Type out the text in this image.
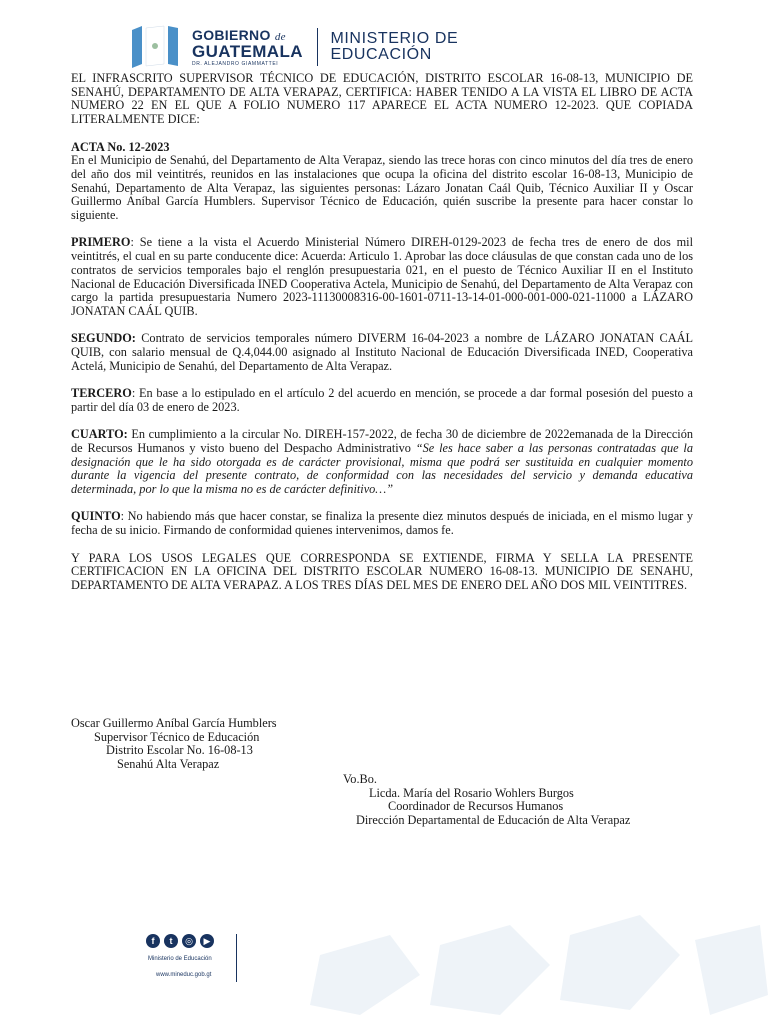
GOBIERNO de
GUATEMALA
DR. ALEJANDRO GIAMMATTEI
MINISTERIO DE
EDUCACIÓN

EL INFRASCRITO SUPERVISOR TÉCNICO DE EDUCACIÓN, DISTRITO ESCOLAR 16-08-13, MUNICIPIO DE SENAHÚ, DEPARTAMENTO DE ALTA VERAPAZ, CERTIFICA: HABER TENIDO A LA VISTA EL LIBRO DE ACTA NUMERO 22 EN EL QUE A FOLIO NUMERO 117 APARECE EL ACTA NUMERO 12-2023. QUE COPIADA LITERALMENTE DICE:

ACTA No. 12-2023

En el Municipio de Senahú, del Departamento de Alta Verapaz, siendo las trece horas con cinco minutos del día tres de enero del año dos mil veintitrés, reunidos en las instalaciones que ocupa la oficina del distrito escolar 16-08-13, Municipio de Senahú, Departamento de Alta Verapaz, las siguientes personas: Lázaro Jonatan Caál Quib, Técnico Auxiliar II y Oscar Guillermo Aníbal García Humblers. Supervisor Técnico de Educación, quién suscribe la presente para hacer constar lo siguiente.

PRIMERO: Se tiene a la vista el Acuerdo Ministerial Número DIREH-0129-2023 de fecha tres de enero de dos mil veintitrés, el cual en su parte conducente dice: Acuerda: Articulo 1. Aprobar las doce cláusulas de que constan cada uno de los contratos de servicios temporales bajo el renglón presupuestaria 021, en el puesto de Técnico Auxiliar II en el Instituto Nacional de Educación Diversificada INED Cooperativa Actela, Municipio de Senahú, del Departamento de Alta Verapaz con cargo la partida presupuestaria Numero 2023-11130008316-00-1601-0711-13-14-01-000-001-000-021-11000 a LÁZARO JONATAN CAÁL QUIB.

SEGUNDO: Contrato de servicios temporales número DIVERM 16-04-2023 a nombre de LÁZARO JONATAN CAÁL QUIB, con salario mensual de Q.4,044.00 asignado al Instituto Nacional de Educación Diversificada INED, Cooperativa Actelá, Municipio de Senahú, del Departamento de Alta Verapaz.

TERCERO: En base a lo estipulado en el artículo 2 del acuerdo en mención, se procede a dar formal posesión del puesto a partir del día 03 de enero de 2023.

CUARTO: En cumplimiento a la circular No. DIREH-157-2022, de fecha 30 de diciembre de 2022emanada de la Dirección de Recursos Humanos y visto bueno del Despacho Administrativo “Se les hace saber a las personas contratadas que la designación que le ha sido otorgada es de carácter provisional, misma que podrá ser sustituida en cualquier momento durante la vigencia del presente contrato, de conformidad con las necesidades del servicio y demanda educativa determinada, por lo que la misma no es de carácter definitivo…”

QUINTO: No habiendo más que hacer constar, se finaliza la presente diez minutos después de iniciada, en el mismo lugar y fecha de su inicio. Firmando de conformidad quienes intervenimos, damos fe.

Y PARA LOS USOS LEGALES QUE CORRESPONDA SE EXTIENDE, FIRMA Y SELLA LA PRESENTE CERTIFICACION EN LA OFICINA DEL DISTRITO ESCOLAR NUMERO 16-08-13. MUNICIPIO DE SENAHU, DEPARTAMENTO DE ALTA VERAPAZ. A LOS TRES DÍAS DEL MES DE ENERO DEL AÑO DOS MIL VEINTITRES.

Oscar Guillermo Aníbal García Humblers
Supervisor Técnico de Educación
Distrito Escolar No. 16-08-13
Senahú Alta Verapaz
Vo.Bo.
Licda. María del Rosario Wohlers Burgos
Coordinador de Recursos Humanos
Dirección Departamental de Educación de Alta Verapaz
f	t	◎	▶
Ministerio de Educación
www.mineduc.gob.gt
